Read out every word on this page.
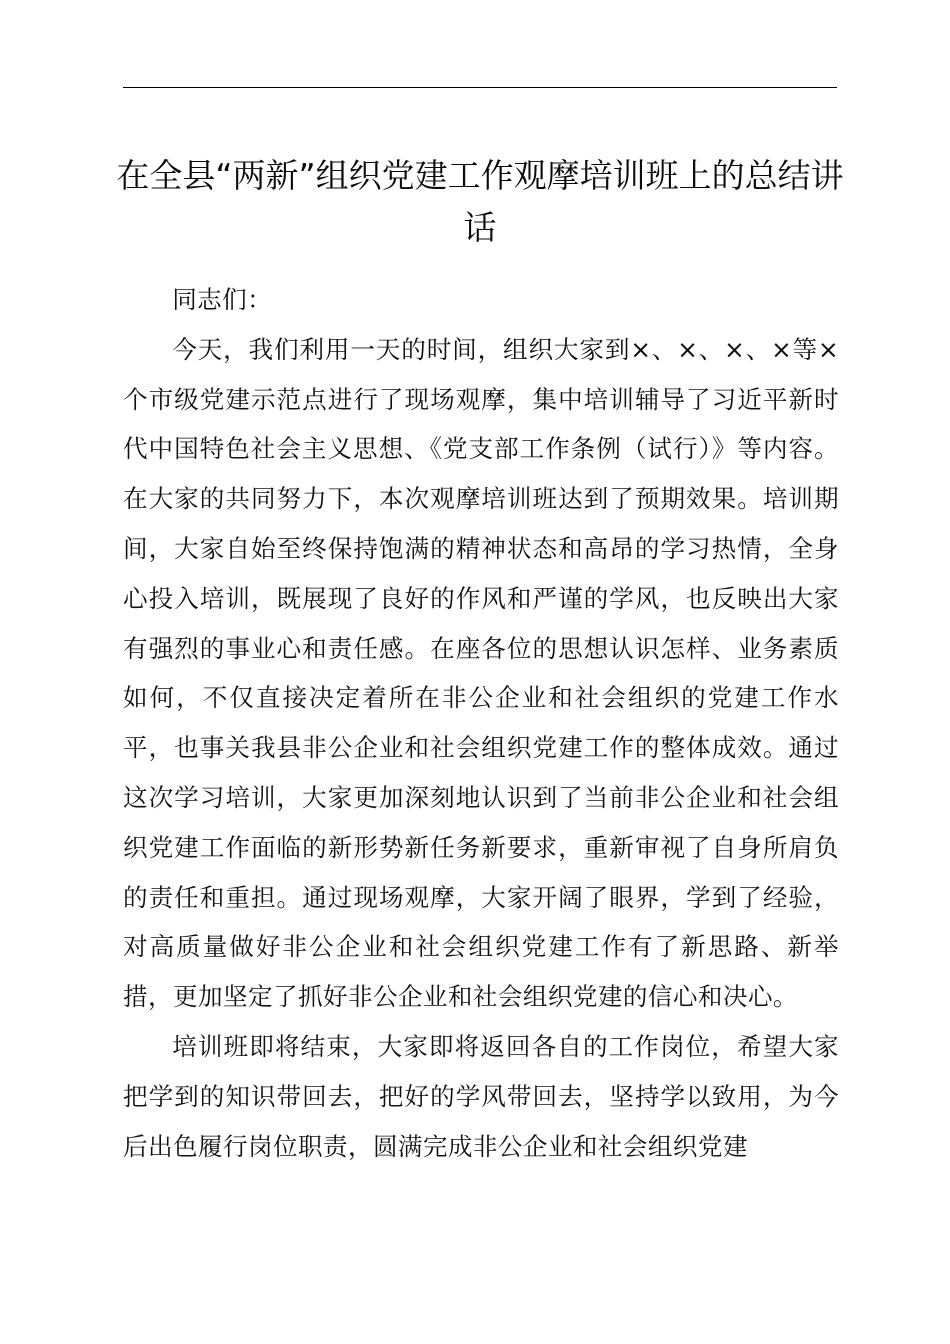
在全县“两新”组织党建工作观摩培训班上的总结讲话

同志们：

今天，我们利用一天的时间，组织大家到×、×、×、×等×个市级党建示范点进行了现场观摩，集中培训辅导了习近平新时代中国特色社会主义思想、《党支部工作条例（试行）》等内容。在大家的共同努力下，本次观摩培训班达到了预期效果。培训期间，大家自始至终保持饱满的精神状态和高昂的学习热情，全身心投入培训，既展现了良好的作风和严谨的学风，也反映出大家有强烈的事业心和责任感。在座各位的思想认识怎样、业务素质如何，不仅直接决定着所在非公企业和社会组织的党建工作水平，也事关我县非公企业和社会组织党建工作的整体成效。通过这次学习培训，大家更加深刻地认识到了当前非公企业和社会组织党建工作面临的新形势新任务新要求，重新审视了自身所肩负的责任和重担。通过现场观摩，大家开阔了眼界，学到了经验，对高质量做好非公企业和社会组织党建工作有了新思路、新举措，更加坚定了抓好非公企业和社会组织党建的信心和决心。

培训班即将结束，大家即将返回各自的工作岗位，希望大家把学到的知识带回去，把好的学风带回去，坚持学以致用，为今后出色履行岗位职责，圆满完成非公企业和社会组织党建
